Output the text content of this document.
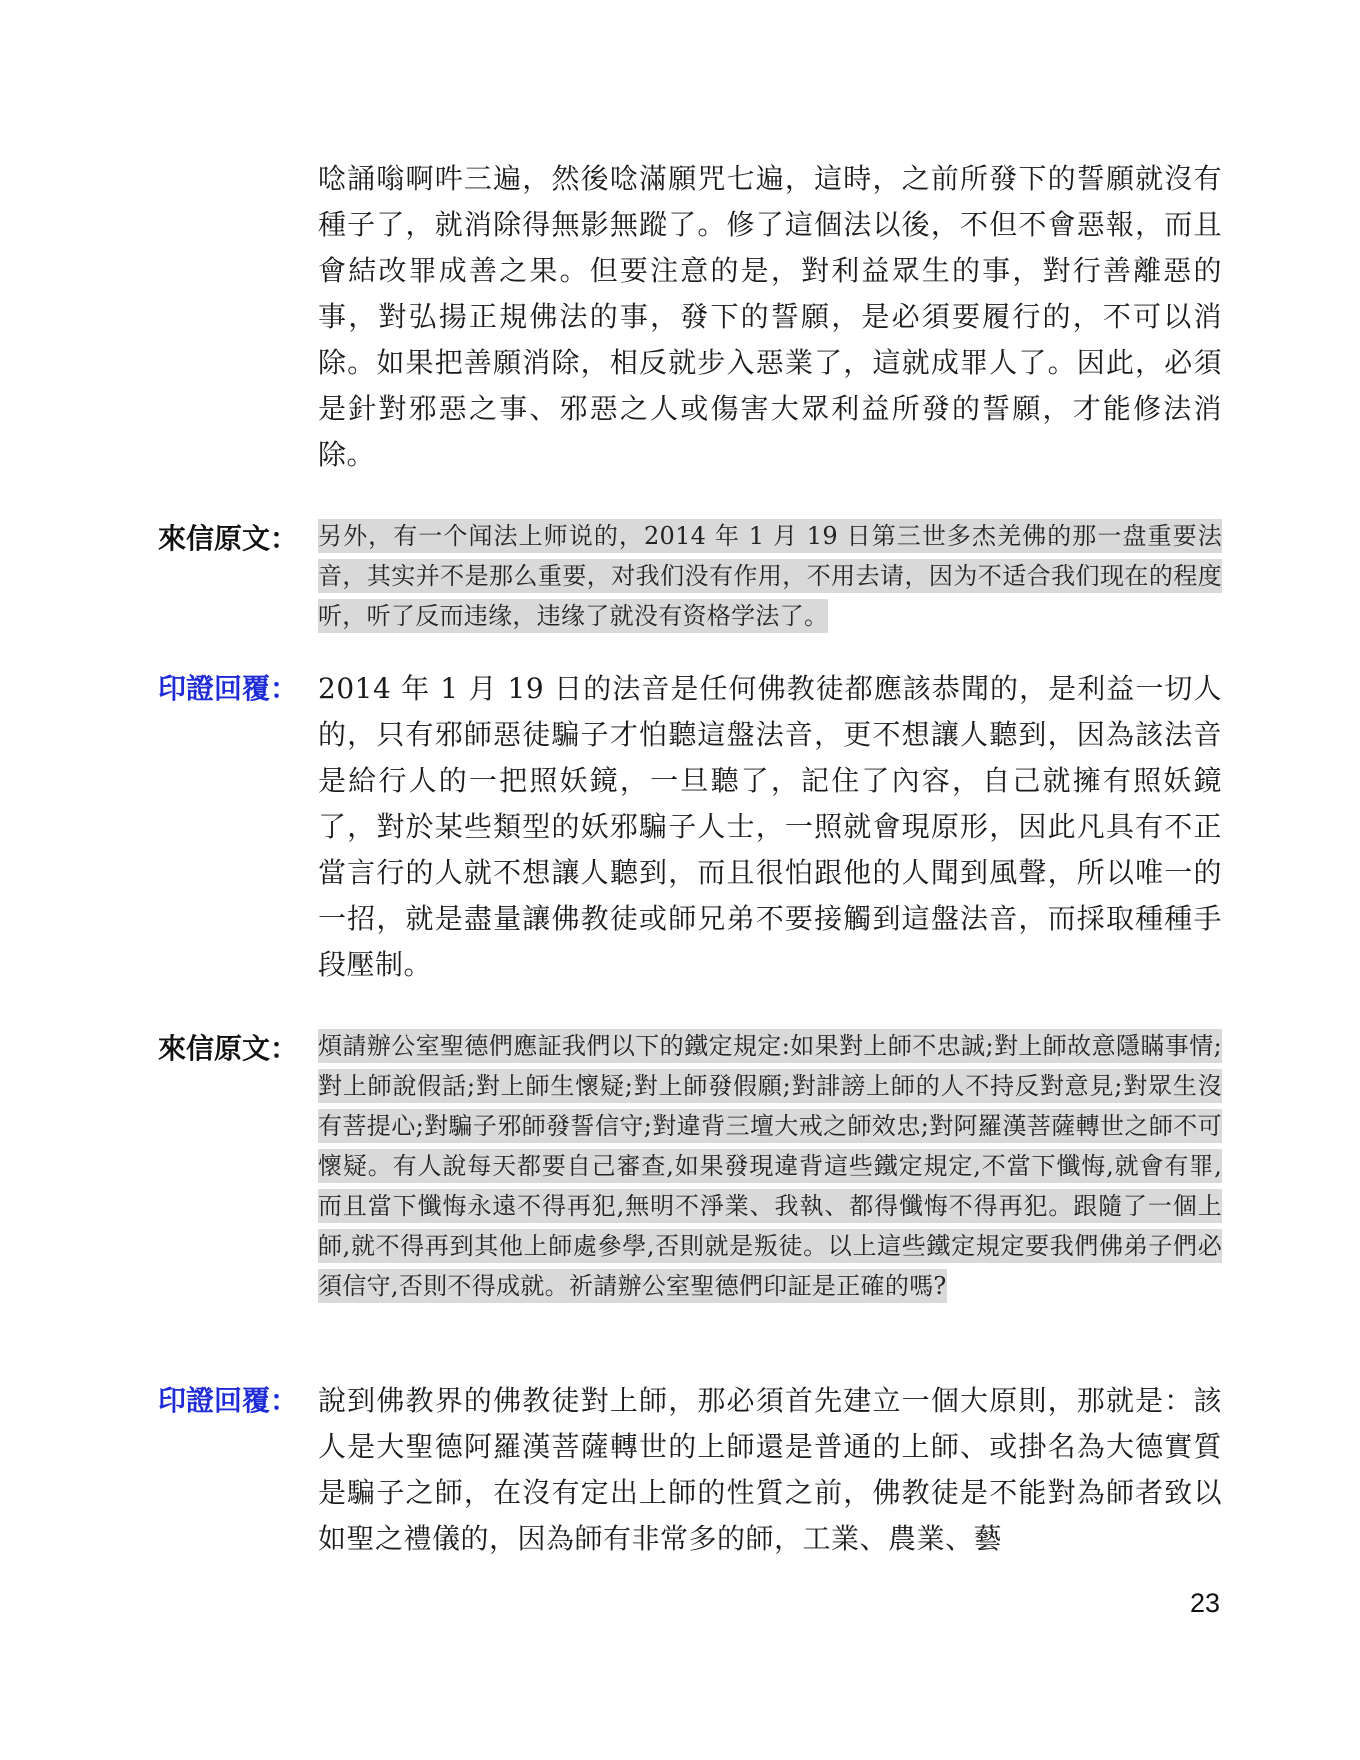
唸誦嗡啊吽三遍，然後唸滿願咒七遍，這時，之前所發下的誓願就沒有種子了，就消除得無影無蹤了。修了這個法以後，不但不會惡報，而且會結改罪成善之果。但要注意的是，對利益眾生的事，對行善離惡的事，對弘揚正規佛法的事，發下的誓願，是必須要履行的，不可以消除。如果把善願消除，相反就步入惡業了，這就成罪人了。因此，必須是針對邪惡之事、邪惡之人或傷害大眾利益所發的誓願，才能修法消除。
來信原文： 另外，有一个闻法上师说的，2014 年 1 月 19 日第三世多杰羌佛的那一盘重要法音，其实并不是那么重要，对我们没有作用，不用去请，因为不适合我们现在的程度听，听了反而违缘，违缘了就没有资格学法了。
印證回覆： 2014 年 1 月 19 日的法音是任何佛教徒都應該恭聞的，是利益一切人的，只有邪師惡徒騙子才怕聽這盤法音，更不想讓人聽到，因為該法音是給行人的一把照妖鏡，一旦聽了，記住了內容，自己就擁有照妖鏡了，對於某些類型的妖邪騙子人士，一照就會現原形，因此凡具有不正當言行的人就不想讓人聽到，而且很怕跟他的人聞到風聲，所以唯一的一招，就是盡量讓佛教徒或師兄弟不要接觸到這盤法音，而採取種種手段壓制。
來信原文： 煩請辦公室聖德們應証我們以下的鐵定規定:如果對上師不忠誠;對上師故意隱瞞事情;對上師說假話;對上師生懷疑;對上師發假願;對誹謗上師的人不持反對意見;對眾生沒有菩提心;對騙子邪師發誓信守;對違背三壇大戒之師效忠;對阿羅漢菩薩轉世之師不可懷疑。有人說每天都要自己審查,如果發現違背這些鐵定規定,不當下懺悔,就會有罪,而且當下懺悔永遠不得再犯,無明不淨業、我執、都得懺悔不得再犯。跟隨了一個上師,就不得再到其他上師處參學,否則就是叛徒。以上這些鐵定規定要我們佛弟子們必須信守,否則不得成就。祈請辦公室聖德們印証是正確的嗎?
印證回覆： 說到佛教界的佛教徒對上師，那必須首先建立一個大原則，那就是：該人是大聖德阿羅漢菩薩轉世的上師還是普通的上師、或掛名為大德實質是騙子之師，在沒有定出上師的性質之前，佛教徒是不能對為師者致以如聖之禮儀的，因為師有非常多的師，工業、農業、藝
23
